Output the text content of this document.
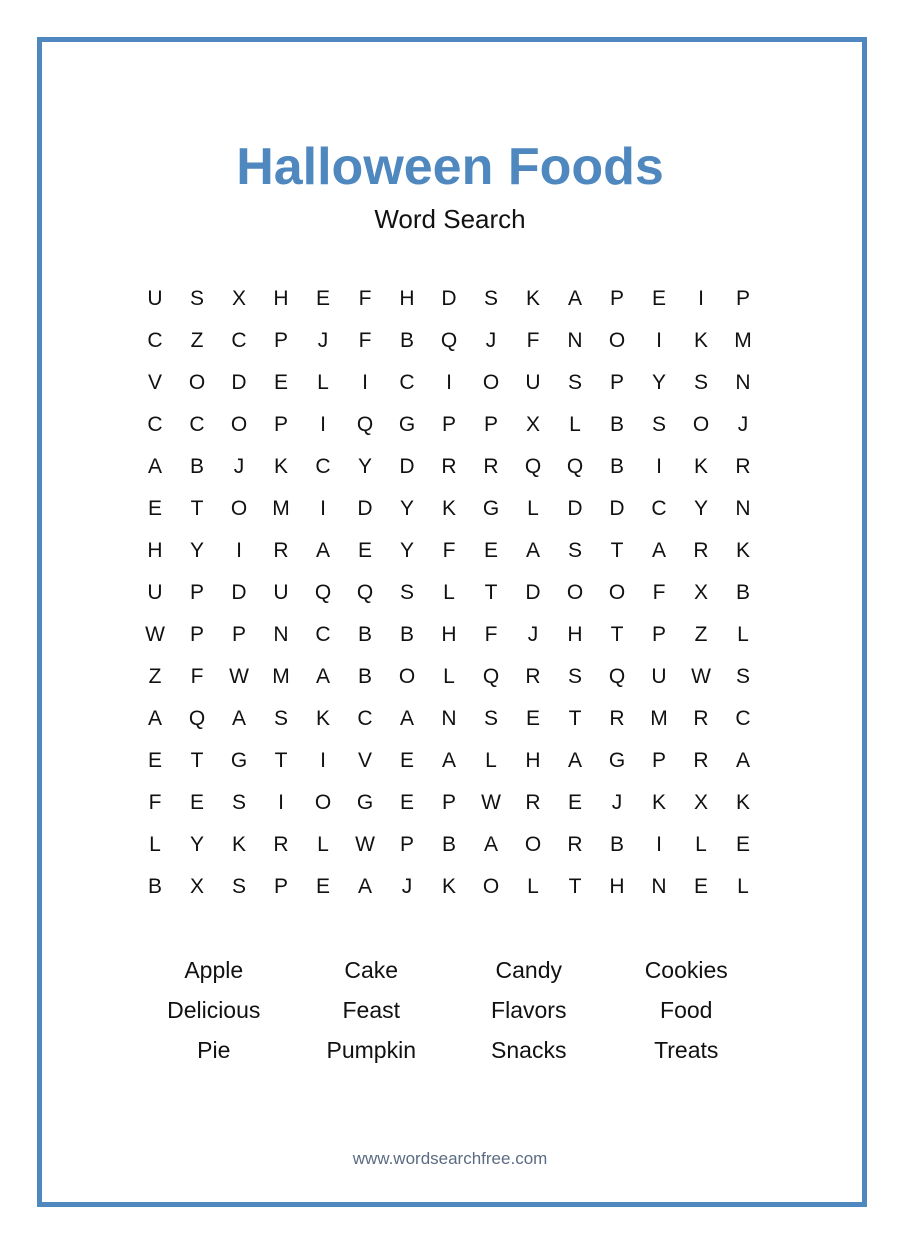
Halloween Foods
Word Search
U	S	X	H	E	F	H	D	S	K	A	P	E	I	P
C	Z	C	P	J	F	B	Q	J	F	N	O	I	K	M
V	O	D	E	L	I	C	I	O	U	S	P	Y	S	N
C	C	O	P	I	Q	G	P	P	X	L	B	S	O	J
A	B	J	K	C	Y	D	R	R	Q	Q	B	I	K	R
E	T	O	M	I	D	Y	K	G	L	D	D	C	Y	N
H	Y	I	R	A	E	Y	F	E	A	S	T	A	R	K
U	P	D	U	Q	Q	S	L	T	D	O	O	F	X	B
W	P	P	N	C	B	B	H	F	J	H	T	P	Z	L
Z	F	W	M	A	B	O	L	Q	R	S	Q	U	W	S
A	Q	A	S	K	C	A	N	S	E	T	R	M	R	C
E	T	G	T	I	V	E	A	L	H	A	G	P	R	A
F	E	S	I	O	G	E	P	W	R	E	J	K	X	K
L	Y	K	R	L	W	P	B	A	O	R	B	I	L	E
B	X	S	P	E	A	J	K	O	L	T	H	N	E	L
Apple	Cake	Candy	Cookies
Delicious	Feast	Flavors	Food
Pie	Pumpkin	Snacks	Treats
www.wordsearchfree.com
